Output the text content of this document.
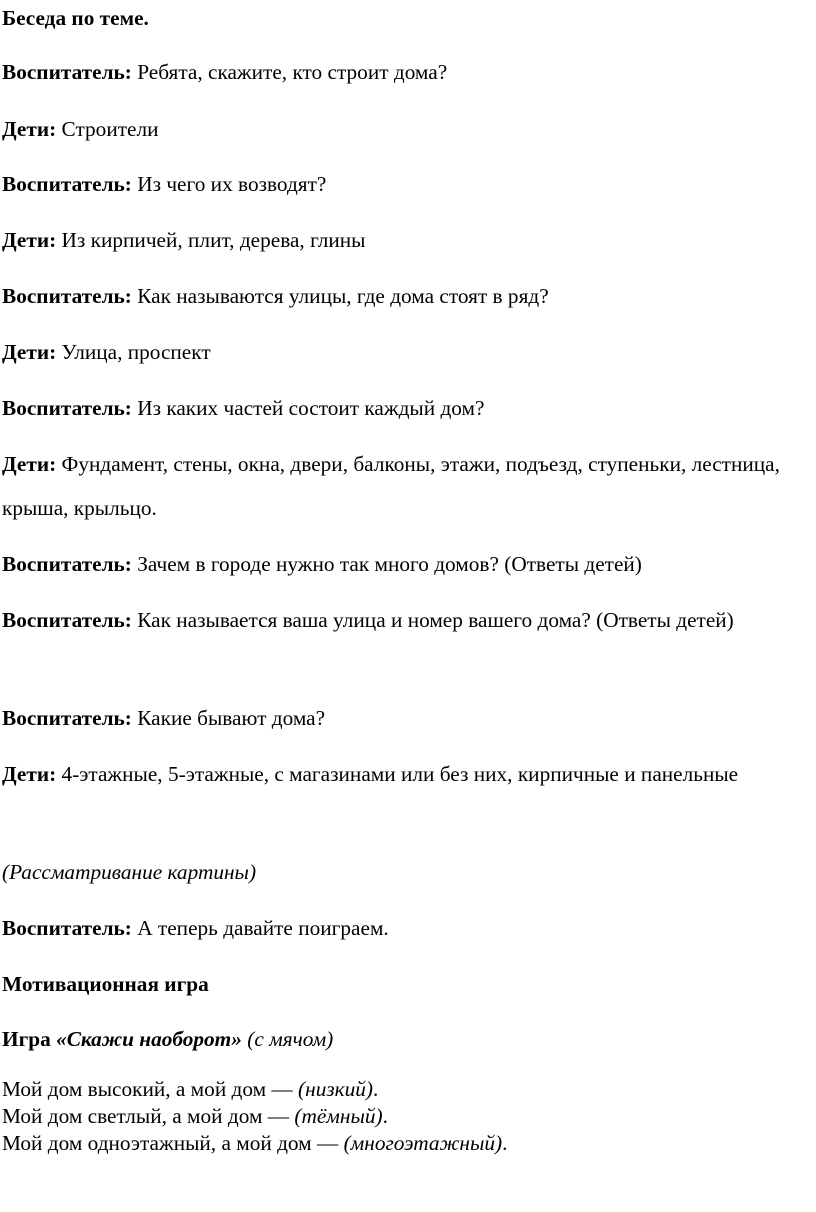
Беседа по теме.

Воспитатель: Ребята, скажите, кто строит дома?

Дети: Строители

Воспитатель: Из чего их возводят?

Дети: Из кирпичей, плит, дерева, глины

Воспитатель: Как называются улицы, где дома стоят в ряд?

Дети: Улица, проспект

Воспитатель: Из каких частей состоит каждый дом?

Дети: Фундамент, стены, окна, двери, балконы, этажи, подъезд, ступеньки, лестница, крыша, крыльцо.

Воспитатель: Зачем в городе нужно так много домов? (Ответы детей)

Воспитатель: Как называется ваша улица и номер вашего дома? (Ответы детей)

Воспитатель: Какие бывают дома?

Дети: 4-этажные, 5-этажные, с магазинами или без них, кирпичные и панельные

(Рассматривание картины)

Воспитатель: А теперь давайте поиграем.

Мотивационная игра

Игра «Скажи наоборот» (с мячом)

Мой дом высокий, а мой дом — (низкий).
Мой дом светлый, а мой дом — (тёмный).
Мой дом одноэтажный, а мой дом — (многоэтажный).
